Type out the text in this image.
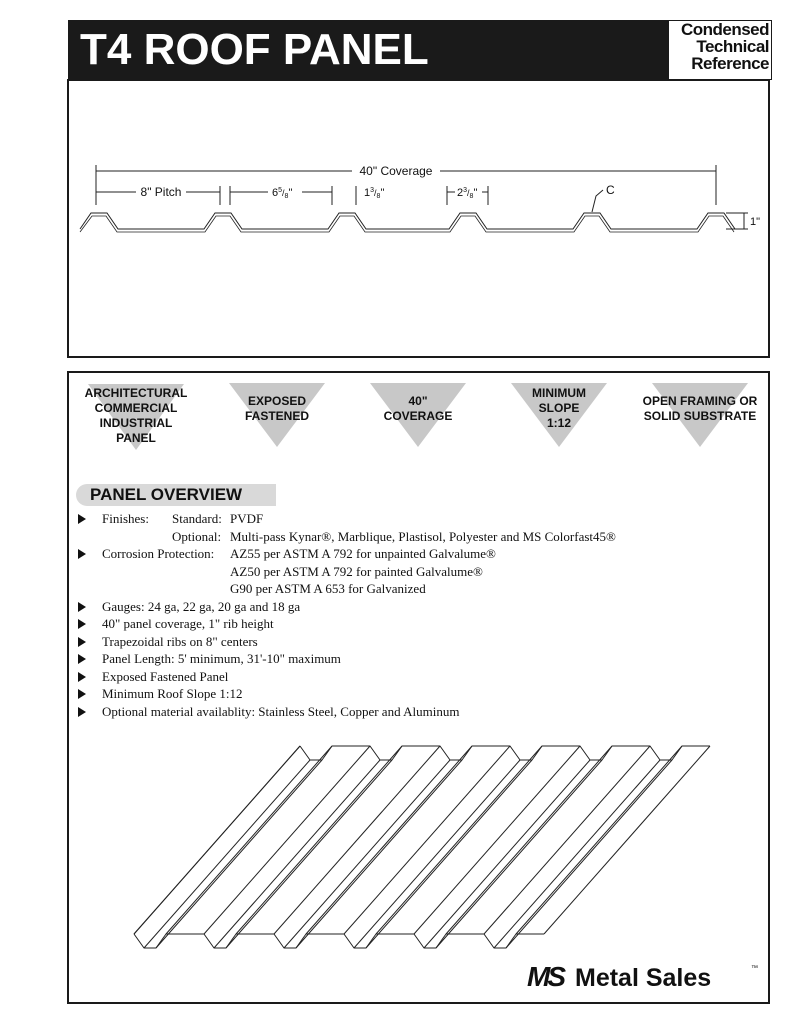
T4 ROOF PANEL	Condensed
Technical
Reference
40" Coverage
8" Pitch	$6^5_/8$"	$1^3_/8$"	$2^3_/8$"	C
1"
ARCHITECTURAL
COMMERCIAL
INDUSTRIAL
PANEL
EXPOSED
FASTENED
40"
COVERAGE
MINIMUM
SLOPE
1:12
OPEN FRAMING OR
SOLID SUBSTRATE
PANEL OVERVIEW
Finishes: Standard: PVDF
Optional: Multi-pass Kynar®, Marblique, Plastisol, Polyester and MS Colorfast45®
Corrosion Protection: AZ55 per ASTM A 792 for unpainted Galvalume®
AZ50 per ASTM A 792 for painted Galvalume®
G90 per ASTM A 653 for Galvanized
Gauges: 24 ga, 22 ga, 20 ga and 18 ga
40" panel coverage, 1" rib height
Trapezoidal ribs on 8" centers
Panel Length: 5' minimum, 31'-10" maximum
Exposed Fastened Panel
Minimum Roof Slope 1:12
Optional material availablity: Stainless Steel, Copper and Aluminum
MS Metal Sales	™
